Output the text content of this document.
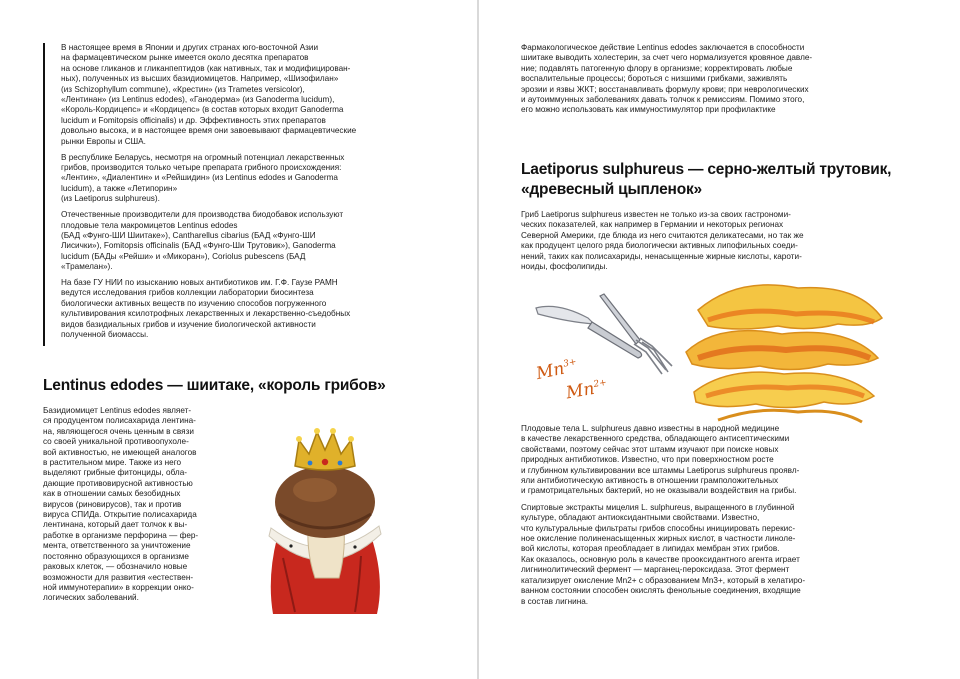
В настоящее время в Японии и других странах юго-восточной Азии
на фармацевтическом рынке имеется около десятка препаратов
на основе гликанов и гликанпептидов (как нативных, так и модифицирован-
ных), полученных из высших базидиомицетов. Например, «Шизофилан»
(из Schizophyllum commune), «Крестин» (из Trametes versicolor),
«Лентинан» (из Lentinus edodes), «Ганодерма» (из Ganoderma lucidum),
«Король-Кордицепс» и «Кордицепс» (в состав которых входит Ganoderma
lucidum и Fomitopsis officinalis) и др. Эффективность этих препаратов
довольно высока, и в настоящее время они завоевывают фармацевтические
рынки Европы и США.

В республике Беларусь, несмотря на огромный потенциал лекарственных
грибов, производится только четыре препарата грибного происхождения:
«Лентин», «Диалентин» и «Рейшидин» (из Lentinus edodes и Ganoderma
lucidum), а также «Летипорин»
(из Laetiporus sulphureus).

Отечественные производители для производства биодобавок используют
плодовые тела макромицетов Lentinus edodes
(БАД «Фунго-ШИ Шиитаке»), Cantharellus cibarius (БАД «Фунго-ШИ
Лисички»), Fomitopsis officinalis (БАД «Фунго-Ши Трутовик»), Ganoderma
lucidum (БАДы «Рейши» и «Микоран»), Coriolus pubescens (БАД
«Трамелан»).

На базе ГУ НИИ по изысканию новых антибиотиков им. Г.Ф. Гаузе РАМН
ведутся исследования грибов коллекции лаборатории биосинтеза
биологически активных веществ по изучению способов погруженного
культивирования ксилотрофных лекарственных и лекарственно-съедобных
видов базидиальных грибов и изучение биологической активности
полученной биомассы.

Lentinus edodes — шиитаке, «король грибов»

Базидиомицет Lentinus edodes являет-
ся продуцентом полисахарида лентина-
на, являющегося очень ценным в связи
со своей уникальной противоопухоле-
вой активностью, не имеющей аналогов
в растительном мире. Также из него
выделяют грибные фитонциды, обла-
дающие противовирусной активностью
как в отношении самых безобидных
вирусов (риновирусов), так и против
вируса СПИДа. Открытие полисахарида
лентинана, который дает толчок к вы-
работке в организме перфорина — фер-
мента, ответственного за уничтожение
постоянно образующихся в организме
раковых клеток, — обозначило новые
возможности для развития «естествен-
ной иммунотерапии» в коррекции онко-
логических заболеваний.

Фармакологическое действие Lentinus edodes заключается в способности
шиитаке выводить холестерин, за счет чего нормализуется кровяное давле-
ние; подавлять патогенную флору в организме; корректировать любые
воспалительные процессы; бороться с низшими грибками, заживлять
эрозии и язвы ЖКТ; восстанавливать формулу крови; при неврологических
и аутоиммунных заболеваниях давать толчок к ремиссиям. Помимо этого,
его можно использовать как иммуностимулятор при профилактике

Laetiporus sulphureus — серно-желтый трутовик,
«древесный цыпленок»

Гриб Laetiporus sulphureus известен не только из-за своих гастрономи-
ческих показателей, как например в Германии и некоторых регионах
Северной Америки, где блюда из него считаются деликатесами, но так же
как продуцент целого ряда биологически активных липофильных соеди-
нений, таких как полисахариды, ненасыщенные жирные кислоты, кароти-
ноиды, фосфолипиды.

$Mn^{3+}$
$Mn^{2+}$

Плодовые тела L. sulphureus давно известны в народной медицине
в качестве лекарственного средства, обладающего антисептическими
свойствами, поэтому сейчас этот штамм изучают при поиске новых
природных антибиотиков. Известно, что при поверхностном росте
и глубинном культивировании все штаммы Laetiporus sulphureus проявл-
яли антибиотическую активность в отношении грамположительных
и грамотрицательных бактерий, но не оказывали воздействия на грибы.

Спиртовые экстракты мицелия L. sulphureus, выращенного в глубинной
культуре, обладают антиоксидантными свойствами. Известно,
что культуральные фильтраты грибов способны инициировать перекис-
ное окисление полиненасыщенных жирных кислот, в частности линоле-
вой кислоты, которая преобладает в липидах мембран этих грибов.
Как оказалось, основную роль в качестве прооксидантного агента играет
лигнинолитический фермент — марганец-пероксидаза. Этот фермент
катализирует окисление Mn2+ с образованием Mn3+, который в хелатиро-
ванном состоянии способен окислять фенольные соединения, входящие
в состав лигнина.
